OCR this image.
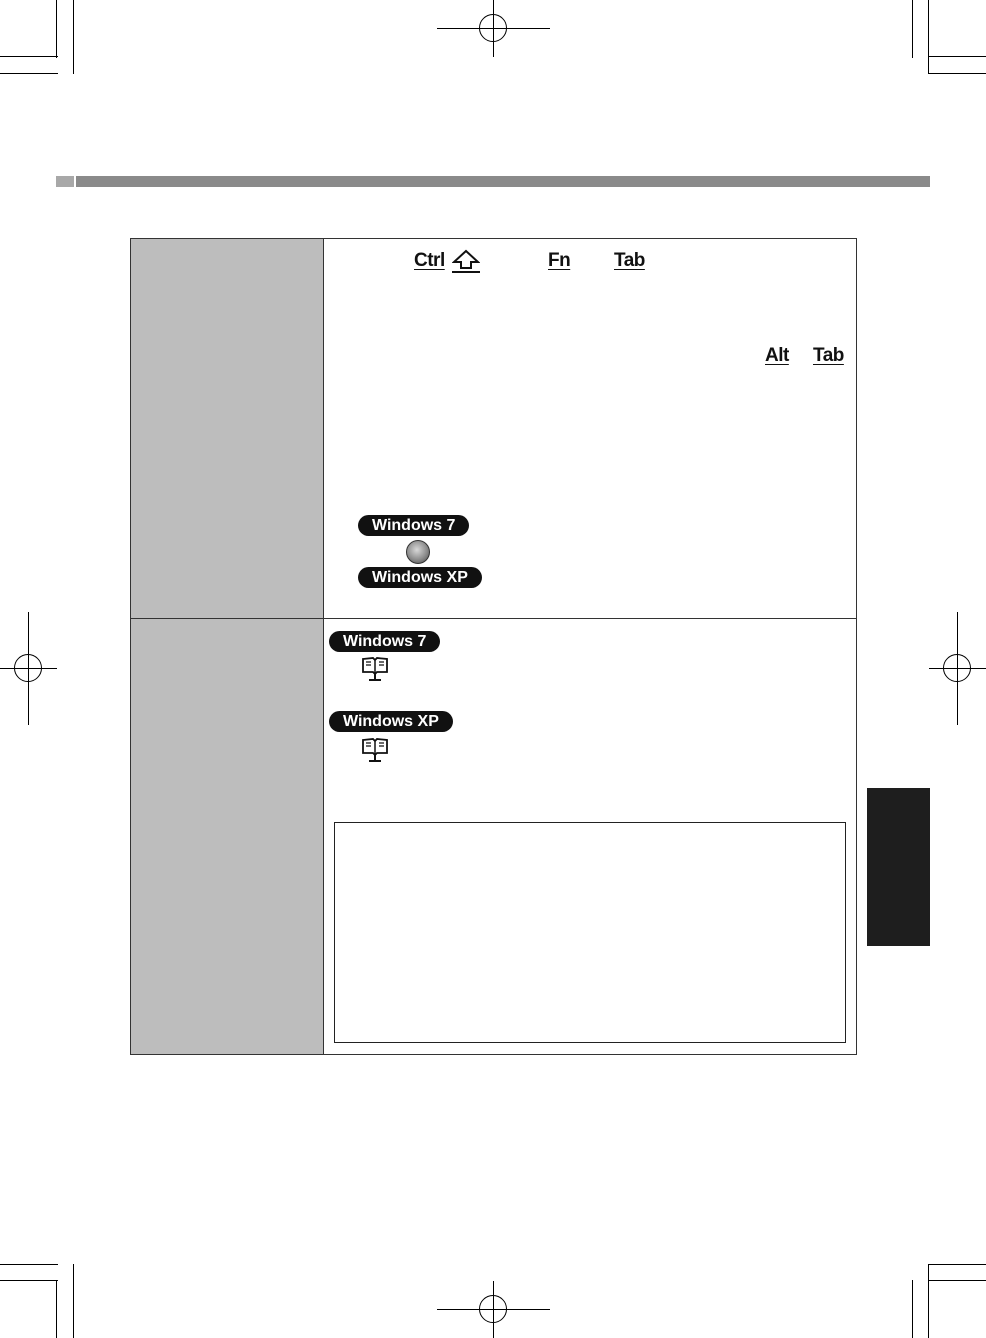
Ctrl	Fn Tab
Alt Tab
Windows 7
Windows XP
Windows 7
Windows XP
